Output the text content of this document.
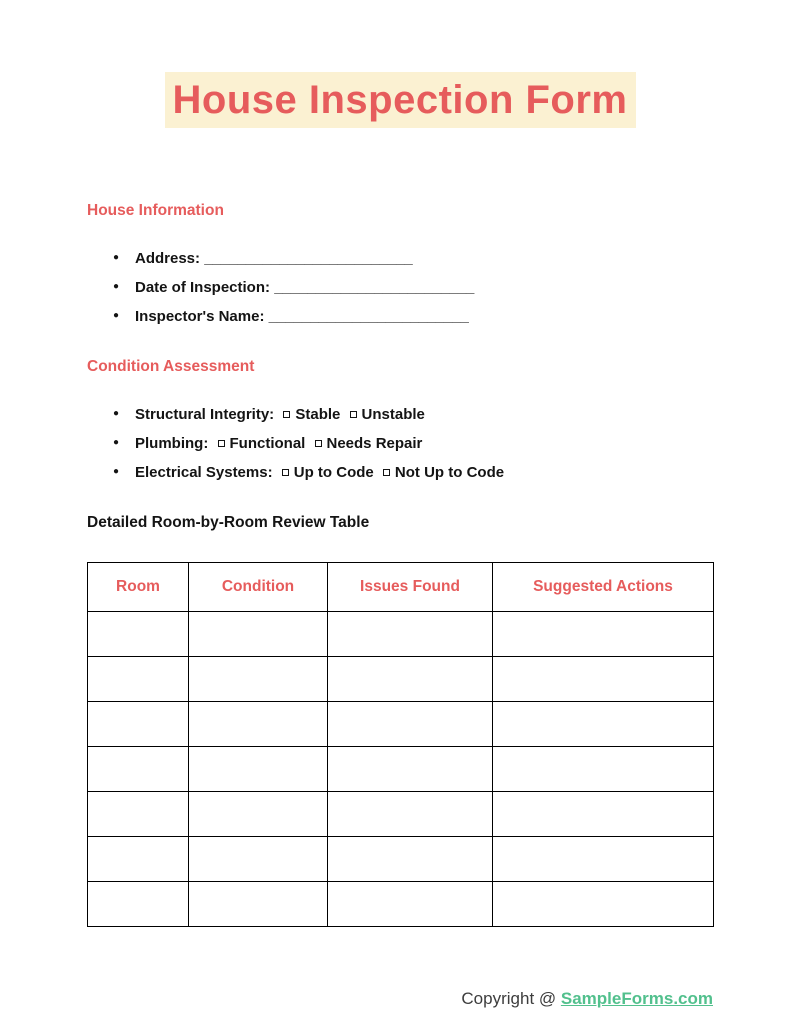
House Inspection Form
House Information
●
Address: _________________________
●
Date of Inspection: ________________________
●
Inspector's Name: ________________________
Condition Assessment
●
Structural Integrity: Stable Unstable
●
Plumbing: Functional Needs Repair
●
Electrical Systems: Up to Code Not Up to Code

Detailed Room-by-Room Review Table

Room	Condition	Issues Found	Suggested Actions

Copyright @ SampleForms.com
